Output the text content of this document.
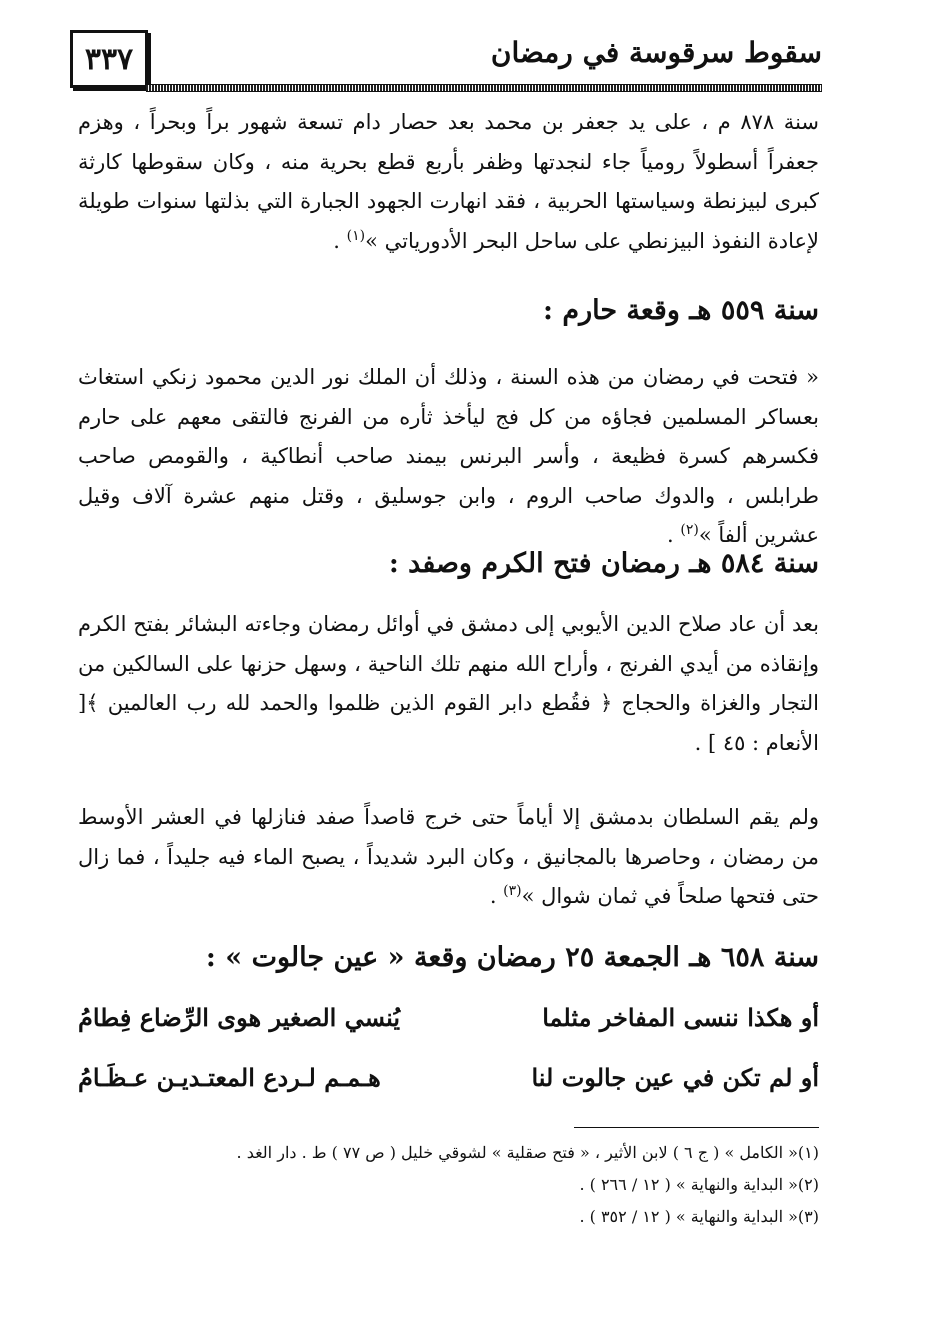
٣٣٧	سقوط سرقوسة في رمضان
سنة ٨٧٨ م ، على يد جعفر بن محمد بعد حصار دام تسعة شهور براً وبحراً ، وهزم جعفراً أسطولاً رومياً جاء لنجدتها وظفر بأربع قطع بحرية منه ، وكان سقوطها كارثة كبرى لبيزنطة وسياستها الحربية ، فقد انهارت الجهود الجبارة التي بذلتها سنوات طويلة لإعادة النفوذ البيزنطي على ساحل البحر الأدورياتي »$^{(١)}$ .
سنة ٥٥٩ هـ وقعة حارم :
« فتحت في رمضان من هذه السنة ، وذلك أن الملك نور الدين محمود زنكي استغاث بعساكر المسلمين فجاؤه من كل فج ليأخذ ثأره من الفرنج فالتقى معهم على حارم فكسرهم كسرة فظيعة ، وأسر البرنس بيمند صاحب أنطاكية ، والقومص صاحب طرابلس ، والدوك صاحب الروم ، وابن جوسليق ، وقتل منهم عشرة آلاف وقيل عشرين ألفاً »$^{(٢)}$ .
سنة ٥٨٤ هـ رمضان فتح الكرم وصفد :
بعد أن عاد صلاح الدين الأيوبي إلى دمشق في أوائل رمضان وجاءته البشائر بفتح الكرم وإنقاذه من أيدي الفرنج ، وأراح الله منهم تلك الناحية ، وسهل حزنها على السالكين من التجار والغزاة والحجاج ﴿ فقُطع دابر القوم الذين ظلموا والحمد لله رب العالمين ﴾[ الأنعام : ٤٥ ] .
ولم يقم السلطان بدمشق إلا أياماً حتى خرج قاصداً صفد فنازلها في العشر الأوسط من رمضان ، وحاصرها بالمجانيق ، وكان البرد شديداً ، يصبح الماء فيه جليداً ، فما زال حتى فتحها صلحاً في ثمان شوال »$^{(٣)}$ .
سنة ٦٥٨ هـ الجمعة ٢٥ رمضان وقعة « عين جالوت » :
أو هكذا ننسى المفاخر مثلما
يُنسي الصغير هوى الرِّضاع فِطامُ
أو لم تكن في عين جالوت لنا
هـمـم لـردع المعتـديـن عـظَـامُ
(١)« الكامل » ( ج ٦ ) لابن الأثير ، « فتح صقلية » لشوقي خليل ( ص ٧٧ ) ط . دار الغد .
(٢)« البداية والنهاية » ( ١٢ / ٢٦٦ ) .
(٣)« البداية والنهاية » ( ١٢ / ٣٥٢ ) .
